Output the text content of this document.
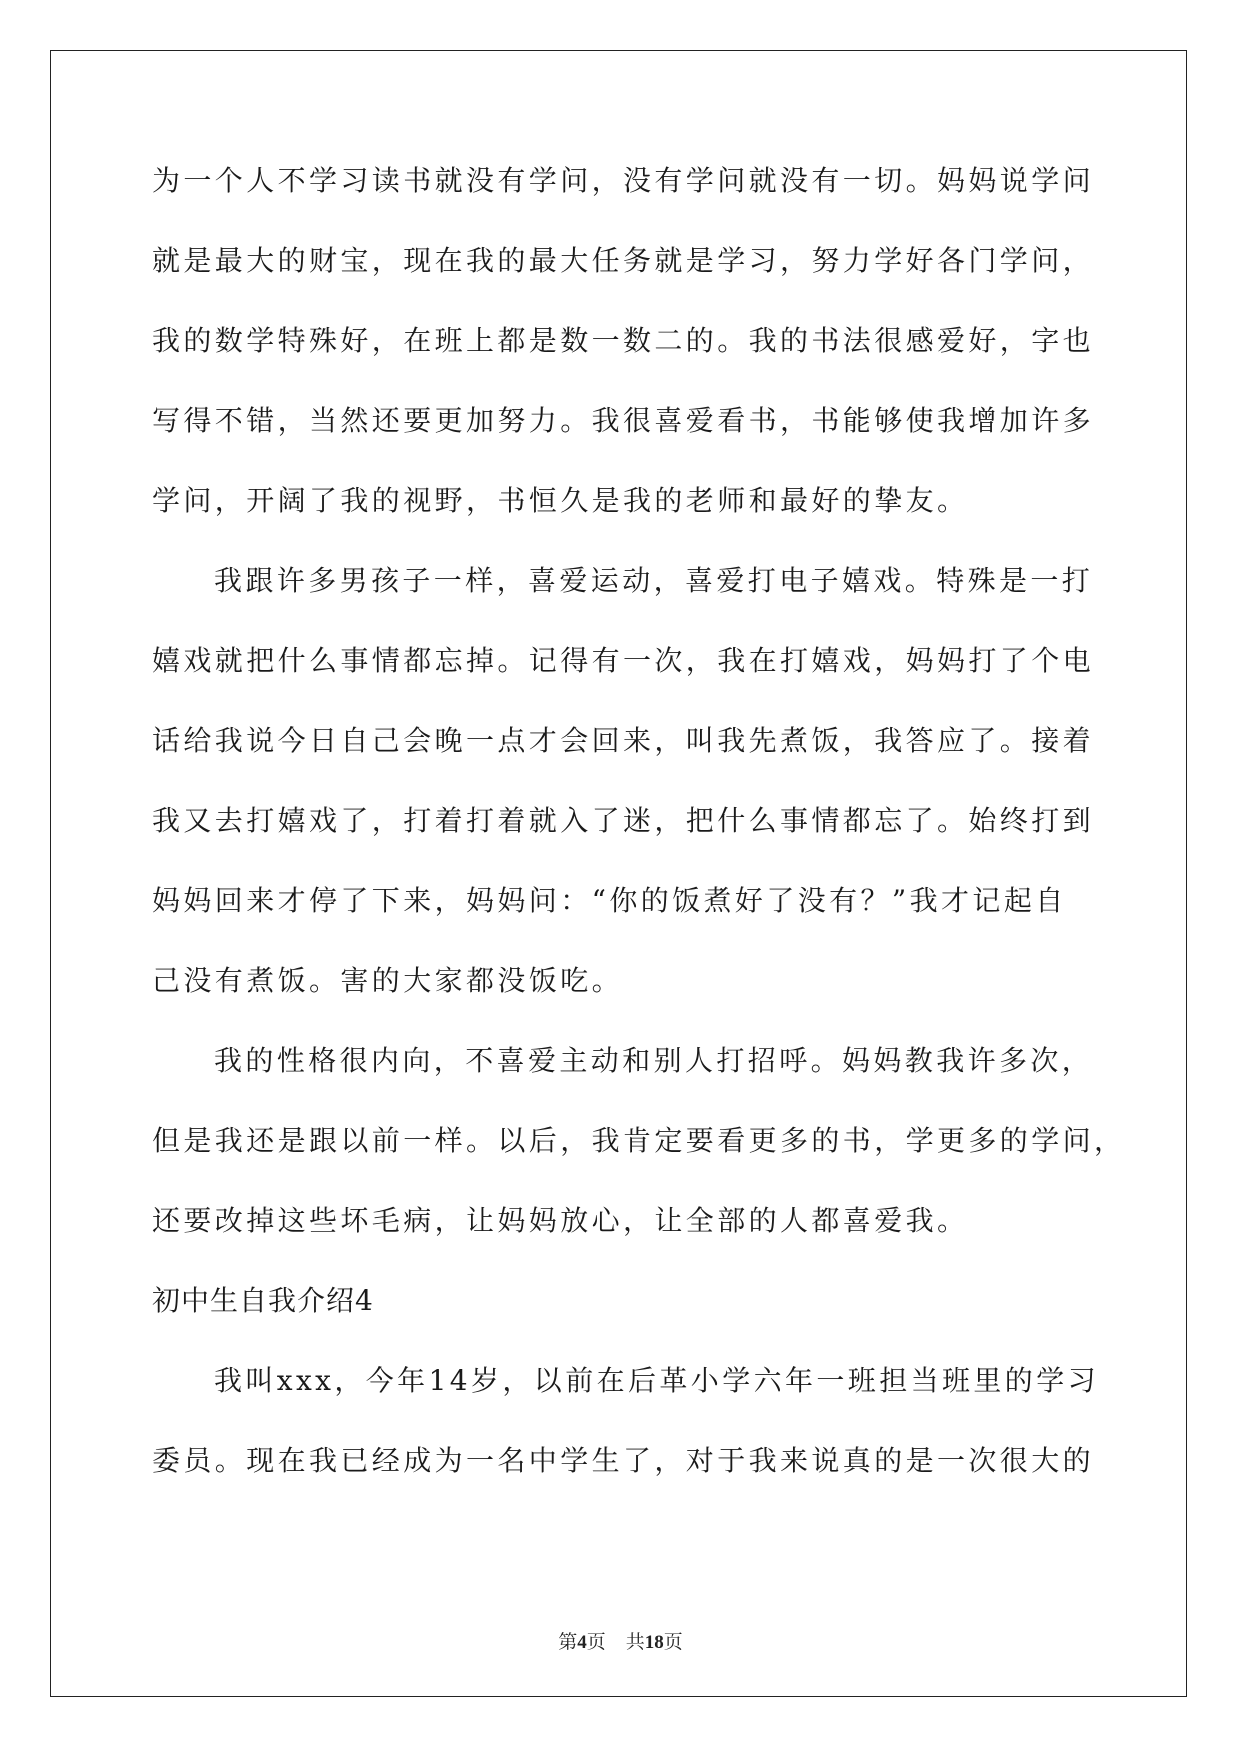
为一个人不学习读书就没有学问，没有学问就没有一切。妈妈说学问
就是最大的财宝，现在我的最大任务就是学习，努力学好各门学问，
我的数学特殊好，在班上都是数一数二的。我的书法很感爱好，字也
写得不错，当然还要更加努力。我很喜爱看书，书能够使我增加许多
学问，开阔了我的视野，书恒久是我的老师和最好的挚友。
我跟许多男孩子一样，喜爱运动，喜爱打电子嬉戏。特殊是一打
嬉戏就把什么事情都忘掉。记得有一次，我在打嬉戏，妈妈打了个电
话给我说今日自己会晚一点才会回来，叫我先煮饭，我答应了。接着
我又去打嬉戏了，打着打着就入了迷，把什么事情都忘了。始终打到
妈妈回来才停了下来，妈妈问：“你的饭煮好了没有？”我才记起自
己没有煮饭。害的大家都没饭吃。
我的性格很内向，不喜爱主动和别人打招呼。妈妈教我许多次，
但是我还是跟以前一样。以后，我肯定要看更多的书，学更多的学问，
还要改掉这些坏毛病，让妈妈放心，让全部的人都喜爱我。
初中生自我介绍4
我叫xxx，今年14岁，以前在后革小学六年一班担当班里的学习
委员。现在我已经成为一名中学生了，对于我来说真的是一次很大的
第4页 共18页
